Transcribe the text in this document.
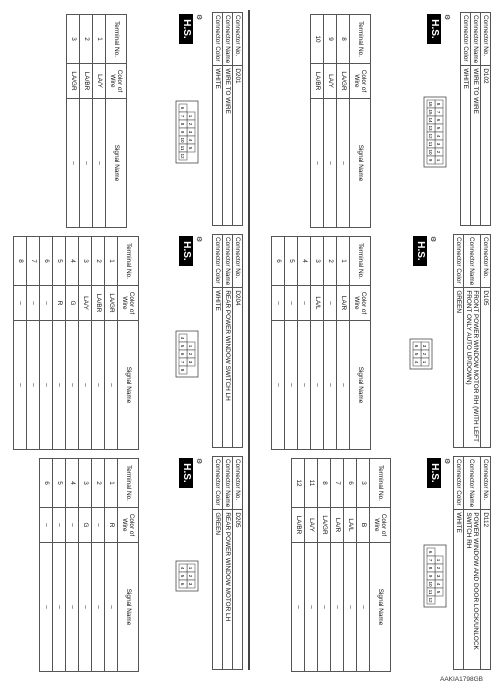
Connector No.	D102
Connector Name	WIRE TO WIRE
Connector Color	WHITE
⚙
H.S.
8
7
6
5
4
3
2
1
16
15
14
13
12
11
10
9
Terminal No.	Color of Wire	Signal Name
8	LA/GR	–
9	LA/Y	–
10	LA/BR	–
Connector No.	D105
Connector Name	FRONT POWER WINDOW MOTOR RH (WITH LEFT FRONT ONLY AUTO UP/DOWN)
Connector Color	GREEN
⚙
H.S.
3
2
1
6
5
4
Terminal No.	Color of Wire	Signal Name
1	LA/R	–
2	–	–
3	LA/L	–
4	–	–
5	–	–
6	–	–
Connector No.	D112
Connector Name	POWER WINDOW AND DOOR LOCK/UNLOCK SWITCH RH
Connector Color	WHITE
⚙
H.S.
1
2
3
4
5
6
7
8
9
10
11
12
Terminal No.	Color of Wire	Signal Name
3	B	–
6	LA/L	–
7	LA/R	–
8	LA/GR	–
11	LA/Y	–
12	LA/BR	–
Connector No.	D201
Connector Name	WIRE TO WIRE
Connector Color	WHITE
⚙
H.S.
1
2
3
4
5
6
7
8
9
10
11
12
Terminal No.	Color of Wire	Signal Name
1	LA/Y	–
2	LA/BR	–
3	LA/GR	–
Connector No.	D204
Connector Name	REAR POWER WINDOW SWITCH LH
Connector Color	WHITE
⚙
H.S.
1
2
3
4
5
6
7
8
Terminal No.	Color of Wire	Signal Name
1	LA/GR	–
2	LA/BR	–
3	LA/Y	–
4	G	–
5	R	–
6	–	–
7	–	–
8	–	–
Connector No.	D205
Connector Name	REAR POWER WINDOW MOTOR LH
Connector Color	GREEN
⚙
H.S.
1
2
3
4
5
6
Terminal No.	Color of Wire	Signal Name
1	R	–
2	–	–
3	G	–
4	–	–
5	–	–
6	–	–
AAKIA1798GB
